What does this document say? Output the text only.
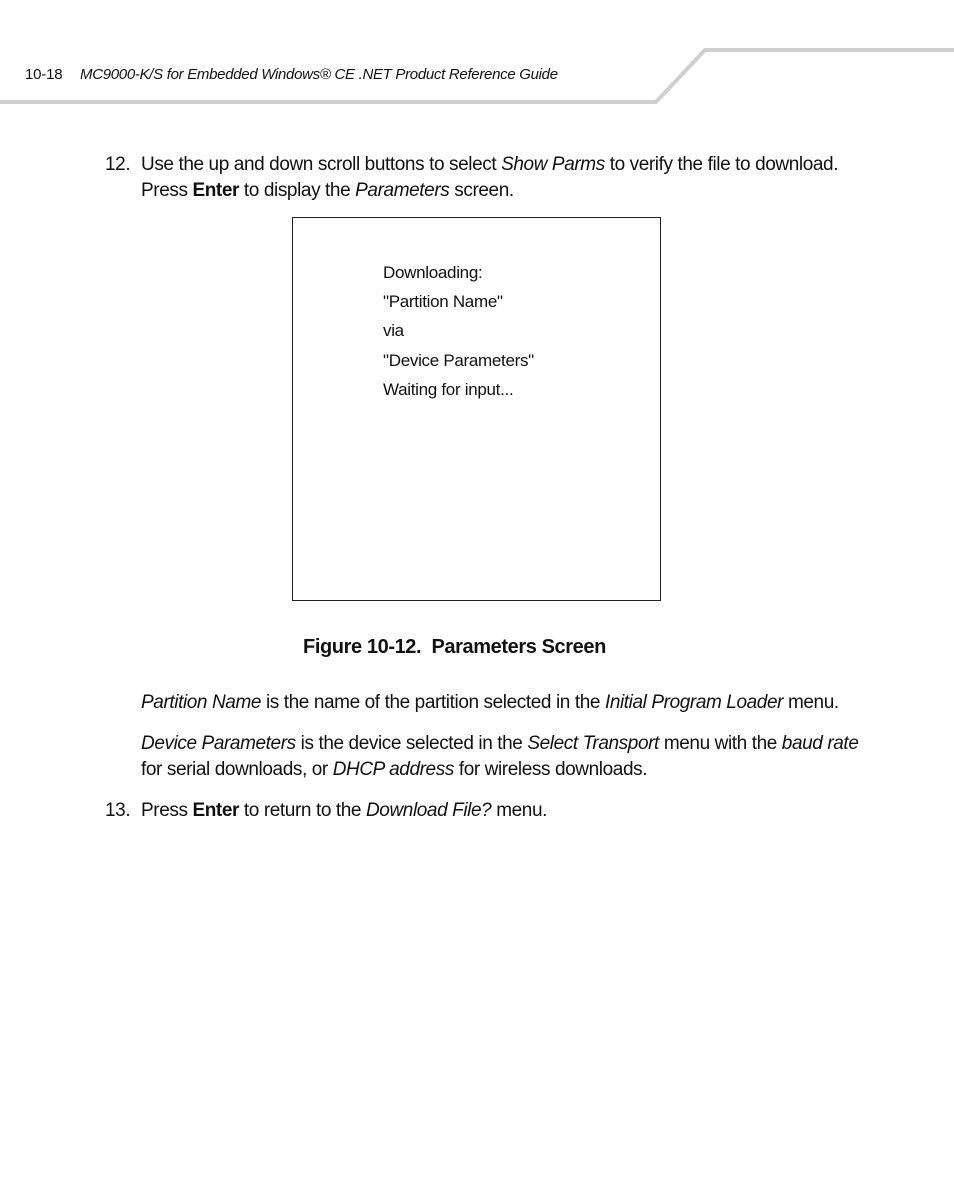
10-18 MC9000-K/S for Embedded Windows® CE .NET Product Reference Guide
12. Use the up and down scroll buttons to select Show Parms to verify the file to download. Press Enter to display the Parameters screen.
Downloading:
"Partition Name"
via
"Device Parameters"
Waiting for input...
Figure 10-12.  Parameters Screen
Partition Name is the name of the partition selected in the Initial Program Loader menu.
Device Parameters is the device selected in the Select Transport menu with the baud rate for serial downloads, or DHCP address for wireless downloads.
13. Press Enter to return to the Download File? menu.
